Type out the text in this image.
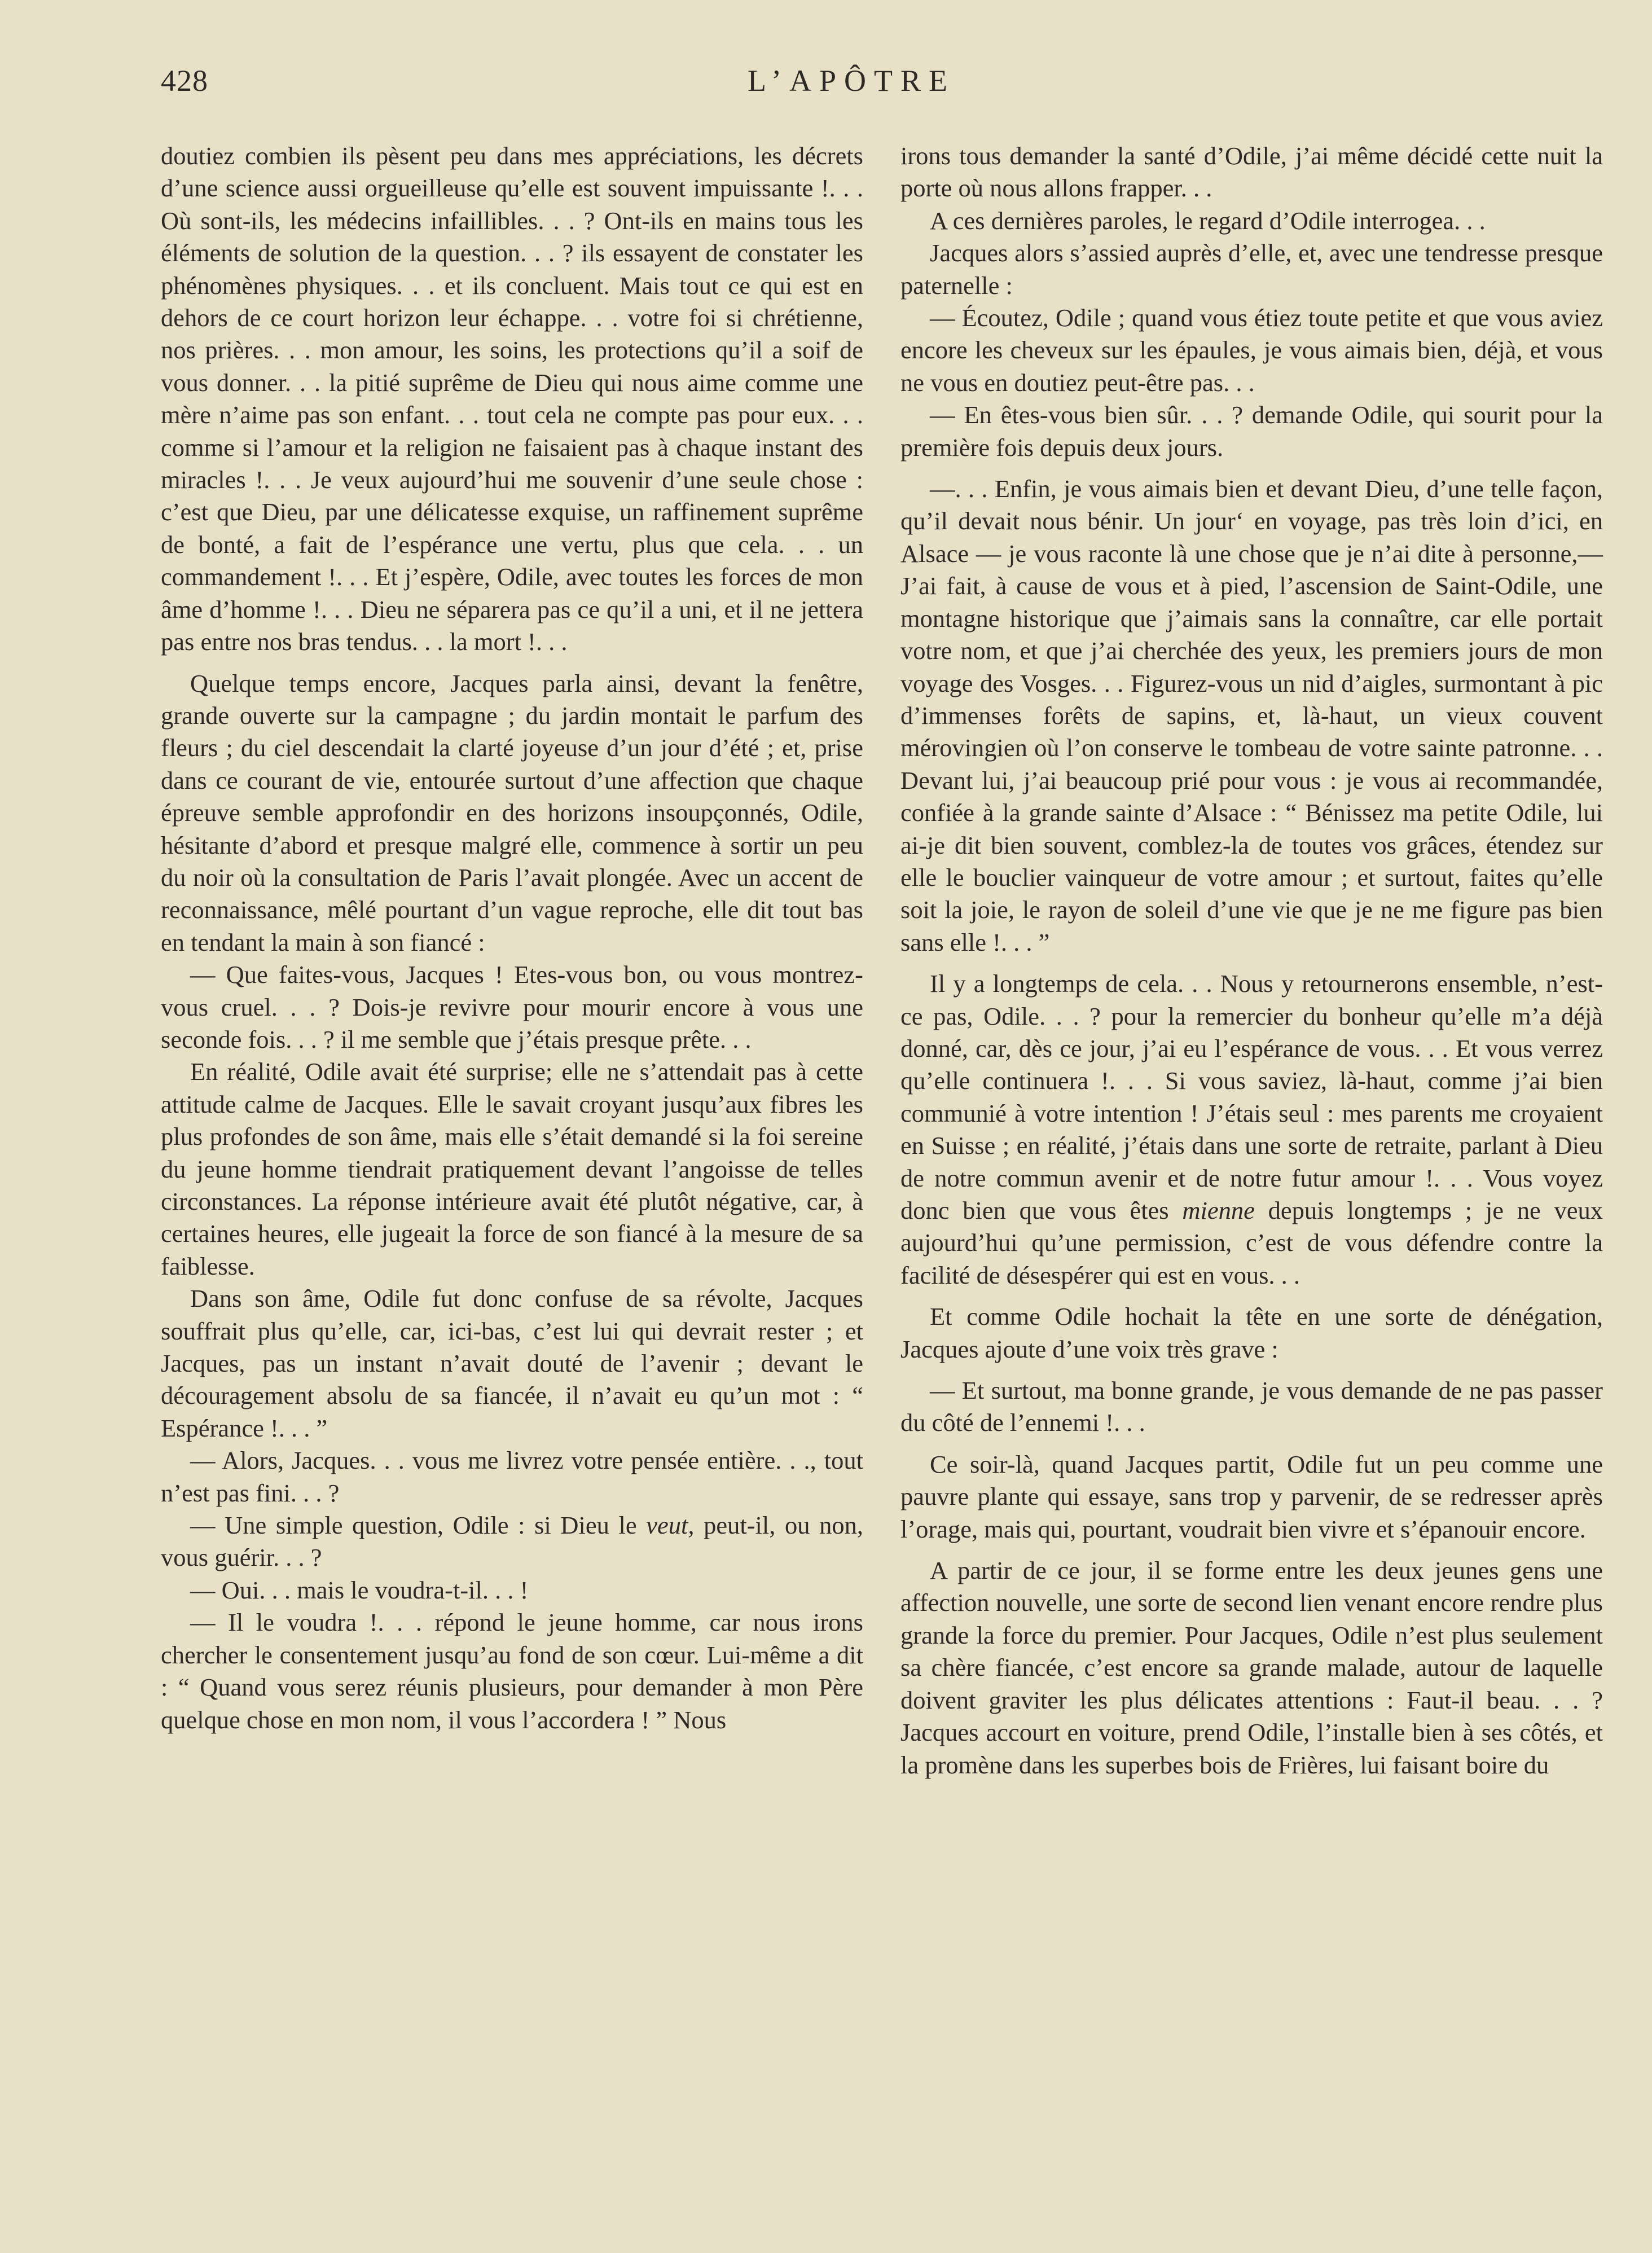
428	L’APÔTRE

doutiez combien ils pèsent peu dans mes appréciations, les décrets d’une science aussi orgueilleuse qu’elle est souvent impuissante !. . . Où sont-ils, les médecins infaillibles. . . ? Ont-ils en mains tous les éléments de solution de la question. . . ? ils essayent de constater les phénomènes physiques. . . et ils concluent. Mais tout ce qui est en dehors de ce court horizon leur échappe. . . votre foi si chrétienne, nos prières. . . mon amour, les soins, les protections qu’il a soif de vous donner. . . la pitié suprême de Dieu qui nous aime comme une mère n’aime pas son enfant. . . tout cela ne compte pas pour eux. . . comme si l’amour et la religion ne faisaient pas à chaque instant des miracles !. . . Je veux aujourd’hui me souvenir d’une seule chose : c’est que Dieu, par une délicatesse exquise, un raffinement suprême de bonté, a fait de l’espérance une vertu, plus que cela. . . un commandement !. . . Et j’espère, Odile, avec toutes les forces de mon âme d’homme !. . . Dieu ne séparera pas ce qu’il a uni, et il ne jettera pas entre nos bras tendus. . . la mort !. . .

Quelque temps encore, Jacques parla ainsi, devant la fenêtre, grande ouverte sur la campagne ; du jardin montait le parfum des fleurs ; du ciel descendait la clarté joyeuse d’un jour d’été ; et, prise dans ce courant de vie, entourée surtout d’une affection que chaque épreuve semble approfondir en des horizons insoupçonnés, Odile, hésitante d’abord et presque malgré elle, commence à sortir un peu du noir où la consultation de Paris l’avait plongée. Avec un accent de reconnaissance, mêlé pourtant d’un vague reproche, elle dit tout bas en tendant la main à son fiancé :

— Que faites-vous, Jacques ! Etes-vous bon, ou vous montrez-vous cruel. . . ? Dois-je revivre pour mourir encore à vous une seconde fois. . . ? il me semble que j’étais presque prête. . .

En réalité, Odile avait été surprise; elle ne s’attendait pas à cette attitude calme de Jacques. Elle le savait croyant jusqu’aux fibres les plus profondes de son âme, mais elle s’était demandé si la foi sereine du jeune homme tiendrait pratiquement devant l’angoisse de telles circonstances. La réponse intérieure avait été plutôt négative, car, à certaines heures, elle jugeait la force de son fiancé à la mesure de sa faiblesse.

Dans son âme, Odile fut donc confuse de sa révolte, Jacques souffrait plus qu’elle, car, ici-bas, c’est lui qui devrait rester ; et Jacques, pas un instant n’avait douté de l’avenir ; devant le découragement absolu de sa fiancée, il n’avait eu qu’un mot : “ Espérance !. . . ”

— Alors, Jacques. . . vous me livrez votre pensée entière. . ., tout n’est pas fini. . . ?

— Une simple question, Odile : si Dieu le veut, peut-il, ou non, vous guérir. . . ?

— Oui. . . mais le voudra-t-il. . . !

— Il le voudra !. . . répond le jeune homme, car nous irons chercher le consentement jusqu’au fond de son cœur. Lui-même a dit : “ Quand vous serez réunis plusieurs, pour demander à mon Père quelque chose en mon nom, il vous l’accordera ! ” Nous

irons tous demander la santé d’Odile, j’ai même décidé cette nuit la porte où nous allons frapper. . .

A ces dernières paroles, le regard d’Odile interrogea. . .

Jacques alors s’assied auprès d’elle, et, avec une tendresse presque paternelle :

— Écoutez, Odile ; quand vous étiez toute petite et que vous aviez encore les cheveux sur les épaules, je vous aimais bien, déjà, et vous ne vous en doutiez peut-être pas. . .

— En êtes-vous bien sûr. . . ? demande Odile, qui sourit pour la première fois depuis deux jours.

—. . . Enfin, je vous aimais bien et devant Dieu, d’une telle façon, qu’il devait nous bénir. Un jour‘ en voyage, pas très loin d’ici, en Alsace — je vous raconte là une chose que je n’ai dite à personne,— J’ai fait, à cause de vous et à pied, l’ascension de Saint-Odile, une montagne historique que j’aimais sans la connaître, car elle portait votre nom, et que j’ai cherchée des yeux, les premiers jours de mon voyage des Vosges. . . Figurez-vous un nid d’aigles, surmontant à pic d’immenses forêts de sapins, et, là-haut, un vieux couvent mérovingien où l’on conserve le tombeau de votre sainte patronne. . . Devant lui, j’ai beaucoup prié pour vous : je vous ai recommandée, confiée à la grande sainte d’Alsace : “ Bénissez ma petite Odile, lui ai-je dit bien souvent, comblez-la de toutes vos grâces, étendez sur elle le bouclier vainqueur de votre amour ; et surtout, faites qu’elle soit la joie, le rayon de soleil d’une vie que je ne me figure pas bien sans elle !. . . ”

Il y a longtemps de cela. . . Nous y retournerons ensemble, n’est-ce pas, Odile. . . ? pour la remercier du bonheur qu’elle m’a déjà donné, car, dès ce jour, j’ai eu l’espérance de vous. . . Et vous verrez qu’elle continuera !. . . Si vous saviez, là-haut, comme j’ai bien communié à votre intention ! J’étais seul : mes parents me croyaient en Suisse ; en réalité, j’étais dans une sorte de retraite, parlant à Dieu de notre commun avenir et de notre futur amour !. . . Vous voyez donc bien que vous êtes mienne depuis longtemps ; je ne veux aujourd’hui qu’une permission, c’est de vous défendre contre la facilité de désespérer qui est en vous. . .

Et comme Odile hochait la tête en une sorte de dénégation, Jacques ajoute d’une voix très grave :

— Et surtout, ma bonne grande, je vous demande de ne pas passer du côté de l’ennemi !. . .

Ce soir-là, quand Jacques partit, Odile fut un peu comme une pauvre plante qui essaye, sans trop y parvenir, de se redresser après l’orage, mais qui, pourtant, voudrait bien vivre et s’épanouir encore.

A partir de ce jour, il se forme entre les deux jeunes gens une affection nouvelle, une sorte de second lien venant encore rendre plus grande la force du premier. Pour Jacques, Odile n’est plus seulement sa chère fiancée, c’est encore sa grande malade, autour de laquelle doivent graviter les plus délicates attentions : Faut-il beau. . . ? Jacques accourt en voiture, prend Odile, l’installe bien à ses côtés, et la promène dans les superbes bois de Frières, lui faisant boire du
